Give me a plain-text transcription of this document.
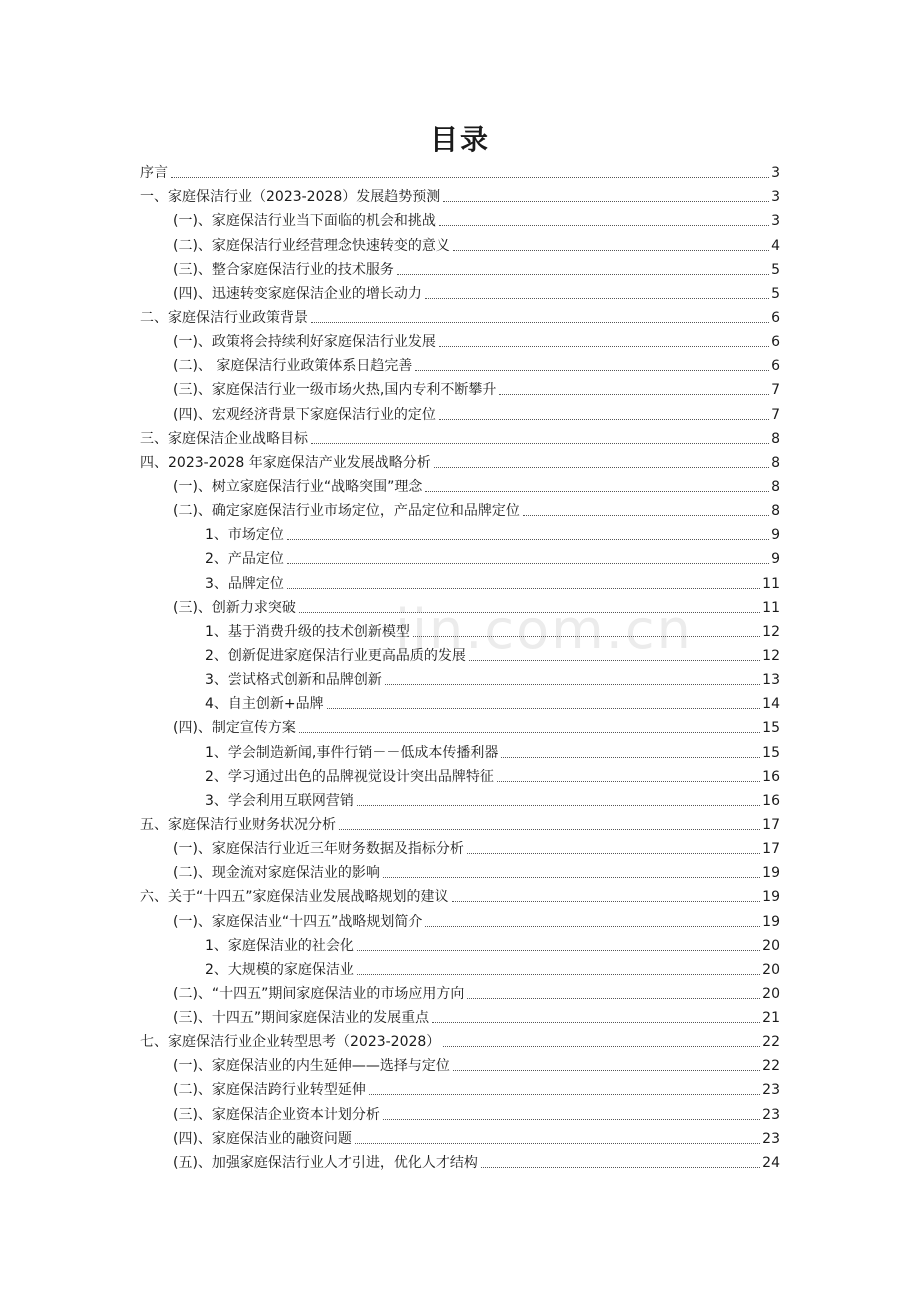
目录
jin.com.cn
序言	3
一、家庭保洁行业（2023-2028）发展趋势预测	3
(一)、家庭保洁行业当下面临的机会和挑战	3
(二)、家庭保洁行业经营理念快速转变的意义	4
(三)、整合家庭保洁行业的技术服务	5
(四)、迅速转变家庭保洁企业的增长动力	5
二、家庭保洁行业政策背景	6
(一)、政策将会持续利好家庭保洁行业发展	6
(二)、 家庭保洁行业政策体系日趋完善	6
(三)、家庭保洁行业一级市场火热,国内专利不断攀升	7
(四)、宏观经济背景下家庭保洁行业的定位	7
三、家庭保洁企业战略目标	8
四、2023-2028 年家庭保洁产业发展战略分析	8
(一)、树立家庭保洁行业“战略突围”理念	8
(二)、确定家庭保洁行业市场定位，产品定位和品牌定位	8
1、市场定位	9
2、产品定位	9
3、品牌定位	11
(三)、创新力求突破	11
1、基于消费升级的技术创新模型	12
2、创新促进家庭保洁行业更高品质的发展	12
3、尝试格式创新和品牌创新	13
4、自主创新+品牌	14
(四)、制定宣传方案	15
1、学会制造新闻,事件行销－－低成本传播利器	15
2、学习通过出色的品牌视觉设计突出品牌特征	16
3、学会利用互联网营销	16
五、家庭保洁行业财务状况分析	17
(一)、家庭保洁行业近三年财务数据及指标分析	17
(二)、现金流对家庭保洁业的影响	19
六、关于“十四五”家庭保洁业发展战略规划的建议	19
(一)、家庭保洁业“十四五”战略规划简介	19
1、家庭保洁业的社会化	20
2、大规模的家庭保洁业	20
(二)、“十四五”期间家庭保洁业的市场应用方向	20
(三)、十四五”期间家庭保洁业的发展重点	21
七、家庭保洁行业企业转型思考（2023-2028）	22
(一)、家庭保洁业的内生延伸——选择与定位	22
(二)、家庭保洁跨行业转型延伸	23
(三)、家庭保洁企业资本计划分析	23
(四)、家庭保洁业的融资问题	23
(五)、加强家庭保洁行业人才引进，优化人才结构	24
